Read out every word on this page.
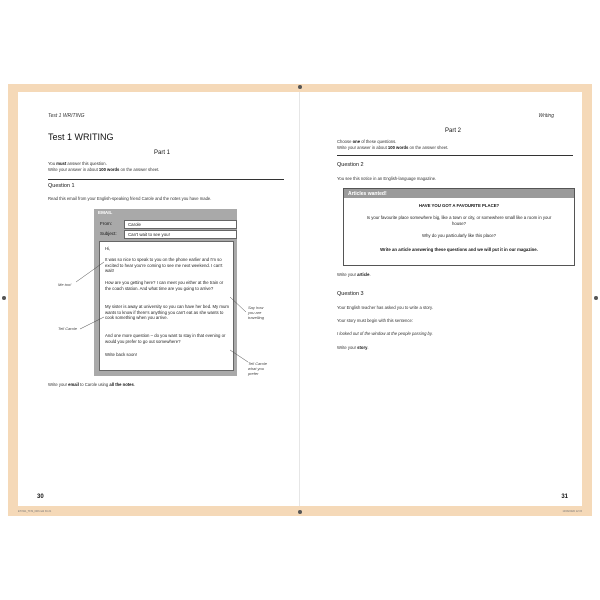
ET1W1_TFIS_008.indd 30-31	10/09/2020 12:15
Test 1 WRITING
Test 1 WRITING
Part 1
You must answer this question.
Write your answer in about 100 words on the answer sheet.
Question 1
Read this email from your English-speaking friend Carole and the notes you have made.
EMAIL
From:	Carole
Subject:	Can't wait to see you!

Hi,

It was so nice to speak to you on the phone earlier and I'm so excited to hear you're coming to see me next weekend. I can't wait!

How are you getting here? I can meet you either at the train or the coach station. And what time are you going to arrive?

My sister is away at university so you can have her bed. My mum wants to know if there's anything you can't eat as she wants to cook something when you arrive.

And one more question – do you want to stay in that evening or would you prefer to go out somewhere?

Write back soon!

Me too!
Say how
you are
travelling
Tell Carole
Tell Carole
what you
prefer
Write your email to Carole using all the notes.
30
Writing
Part 2
Choose one of these questions.
Write your answer in about 100 words on the answer sheet.
Question 2
You see this notice in an English-language magazine.
Articles wanted!

HAVE YOU GOT A FAVOURITE PLACE?

Is your favourite place somewhere big, like a town or city, or somewhere small like a room in your house?

Why do you particularly like this place?

Write an article answering these questions and we will put it in our magazine.

Write your article.
Question 3
Your English teacher has asked you to write a story.
Your story must begin with this sentence:
I looked out of the window at the people passing by.
Write your story.
31
